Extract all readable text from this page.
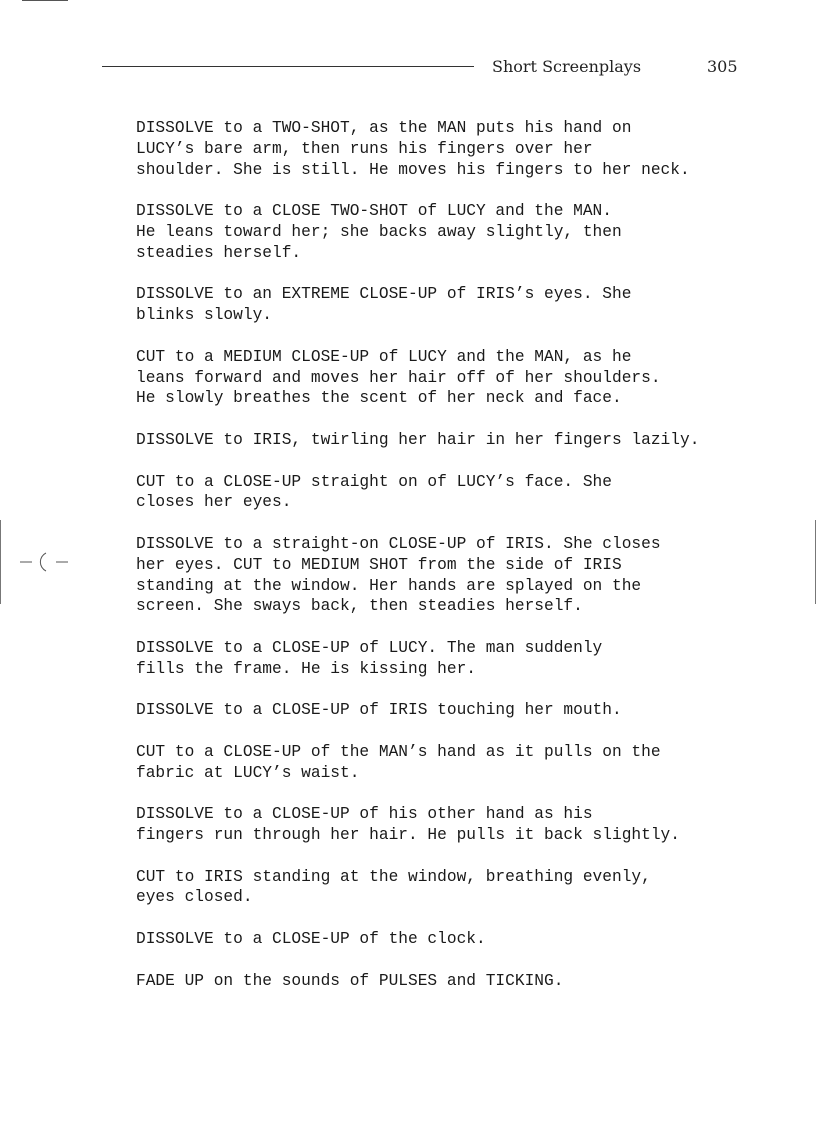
Short Screenplays	305

DISSOLVE to a TWO-SHOT, as the MAN puts his hand on
LUCY’s bare arm, then runs his fingers over her
shoulder. She is still. He moves his fingers to her neck.

DISSOLVE to a CLOSE TWO-SHOT of LUCY and the MAN.
He leans toward her; she backs away slightly, then
steadies herself.

DISSOLVE to an EXTREME CLOSE-UP of IRIS’s eyes. She
blinks slowly.

CUT to a MEDIUM CLOSE-UP of LUCY and the MAN, as he
leans forward and moves her hair off of her shoulders.
He slowly breathes the scent of her neck and face.

DISSOLVE to IRIS, twirling her hair in her fingers lazily.

CUT to a CLOSE-UP straight on of LUCY’s face. She
closes her eyes.

DISSOLVE to a straight-on CLOSE-UP of IRIS. She closes
her eyes. CUT to MEDIUM SHOT from the side of IRIS
standing at the window. Her hands are splayed on the
screen. She sways back, then steadies herself.

DISSOLVE to a CLOSE-UP of LUCY. The man suddenly
fills the frame. He is kissing her.

DISSOLVE to a CLOSE-UP of IRIS touching her mouth.

CUT to a CLOSE-UP of the MAN’s hand as it pulls on the
fabric at LUCY’s waist.

DISSOLVE to a CLOSE-UP of his other hand as his
fingers run through her hair. He pulls it back slightly.

CUT to IRIS standing at the window, breathing evenly,
eyes closed.

DISSOLVE to a CLOSE-UP of the clock.

FADE UP on the sounds of PULSES and TICKING.
